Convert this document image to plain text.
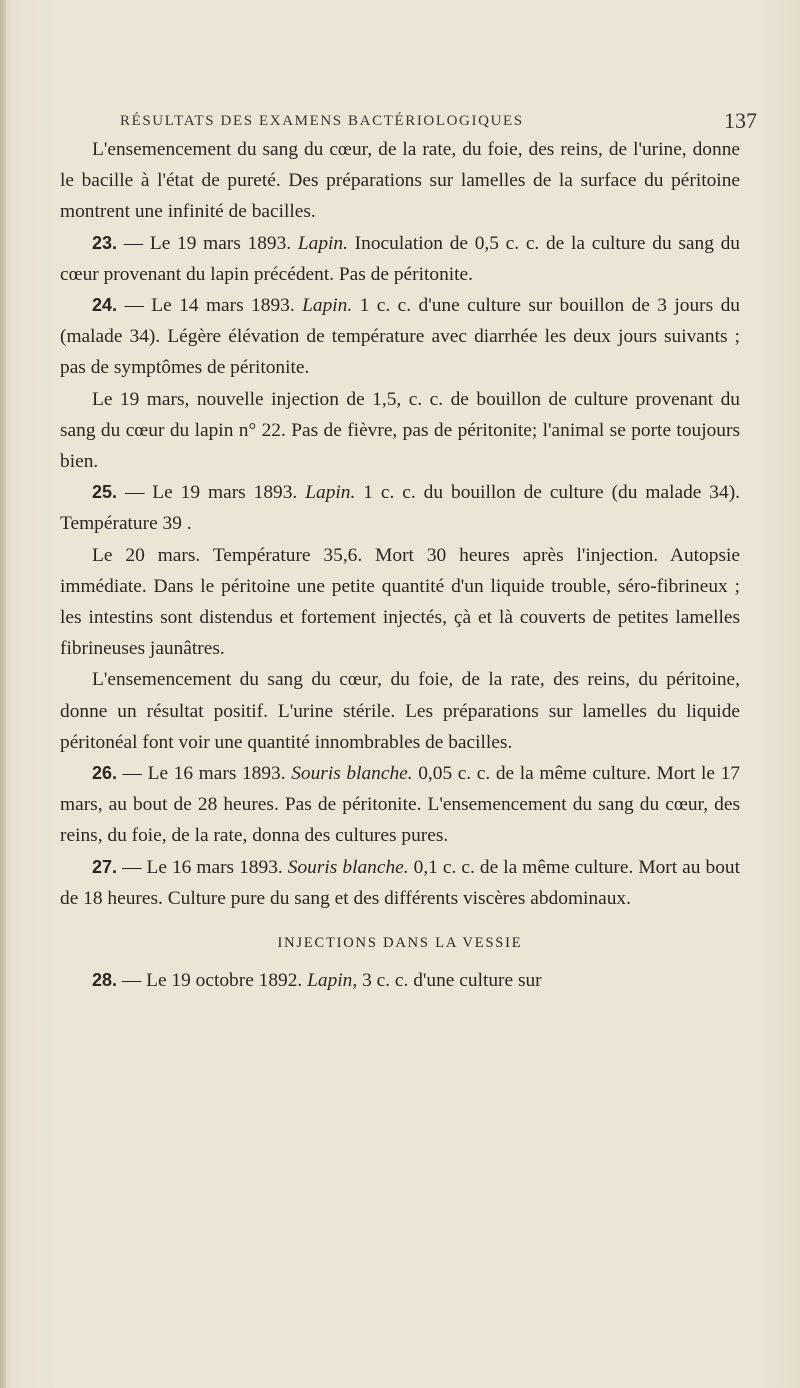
RÉSULTATS DES EXAMENS BACTÉRIOLOGIQUES	137

L'ensemencement du sang du cœur, de la rate, du foie, des reins, de l'urine, donne le bacille à l'état de pureté. Des préparations sur lamelles de la surface du péritoine montrent une infinité de bacilles.

23. — Le 19 mars 1893. Lapin. Inoculation de 0,5 c. c. de la culture du sang du cœur provenant du lapin précédent. Pas de péritonite.

24. — Le 14 mars 1893. Lapin. 1 c. c. d'une culture sur bouillon de 3 jours du (malade 34). Légère élévation de température avec diarrhée les deux jours suivants ; pas de symptômes de péritonite.

Le 19 mars, nouvelle injection de 1,5, c. c. de bouillon de culture provenant du sang du cœur du lapin n° 22. Pas de fièvre, pas de péritonite; l'animal se porte toujours bien.

25. — Le 19 mars 1893. Lapin. 1 c. c. du bouillon de culture (du malade 34). Température 39 .

Le 20 mars. Température 35,6. Mort 30 heures après l'injection. Autopsie immédiate. Dans le péritoine une petite quantité d'un liquide trouble, séro-fibrineux ; les intestins sont distendus et fortement injectés, çà et là couverts de petites lamelles fibrineuses jaunâtres.

L'ensemencement du sang du cœur, du foie, de la rate, des reins, du péritoine, donne un résultat positif. L'urine stérile. Les préparations sur lamelles du liquide péritonéal font voir une quantité innombrables de bacilles.

26. — Le 16 mars 1893. Souris blanche. 0,05 c. c. de la même culture. Mort le 17 mars, au bout de 28 heures. Pas de péritonite. L'ensemencement du sang du cœur, des reins, du foie, de la rate, donna des cultures pures.

27. — Le 16 mars 1893. Souris blanche. 0,1 c. c. de la même culture. Mort au bout de 18 heures. Culture pure du sang et des différents viscères abdominaux.

INJECTIONS DANS LA VESSIE

28. — Le 19 octobre 1892. Lapin, 3 c. c. d'une culture sur
